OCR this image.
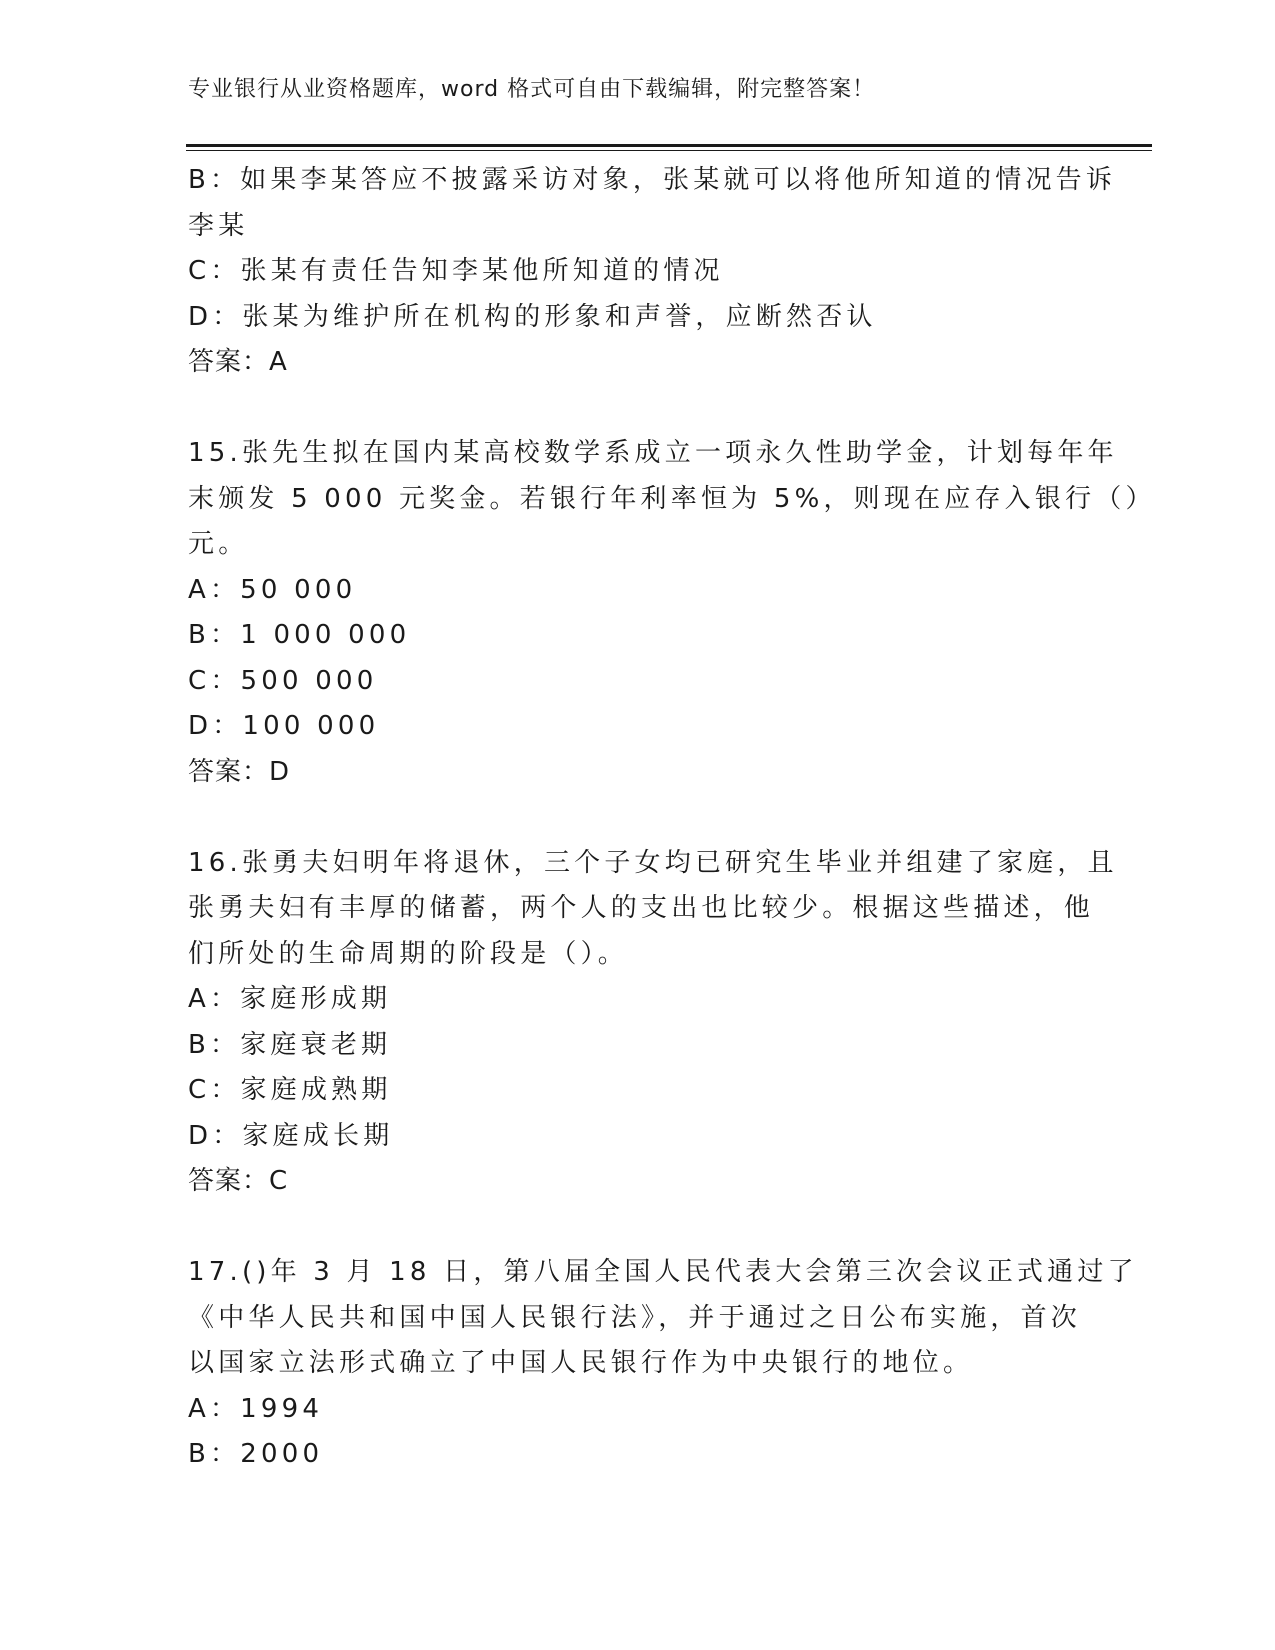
专业银行从业资格题库，word 格式可自由下载编辑，附完整答案！

B：如果李某答应不披露采访对象，张某就可以将他所知道的情况告诉

李某

C：张某有责任告知李某他所知道的情况

D：张某为维护所在机构的形象和声誉，应断然否认

答案：A

15.张先生拟在国内某高校数学系成立一项永久性助学金，计划每年年

末颁发 5 000 元奖金。若银行年利率恒为 5%，则现在应存入银行（）

元。

A：50 000

B：1 000 000

C：500 000

D：100 000

答案：D

16.张勇夫妇明年将退休，三个子女均已研究生毕业并组建了家庭，且

张勇夫妇有丰厚的储蓄，两个人的支出也比较少。根据这些描述，他

们所处的生命周期的阶段是（）。

A：家庭形成期

B：家庭衰老期

C：家庭成熟期

D：家庭成长期

答案：C

17.()年 3 月 18 日，第八届全国人民代表大会第三次会议正式通过了

《中华人民共和国中国人民银行法》，并于通过之日公布实施，首次

以国家立法形式确立了中国人民银行作为中央银行的地位。

A：1994

B：2000
